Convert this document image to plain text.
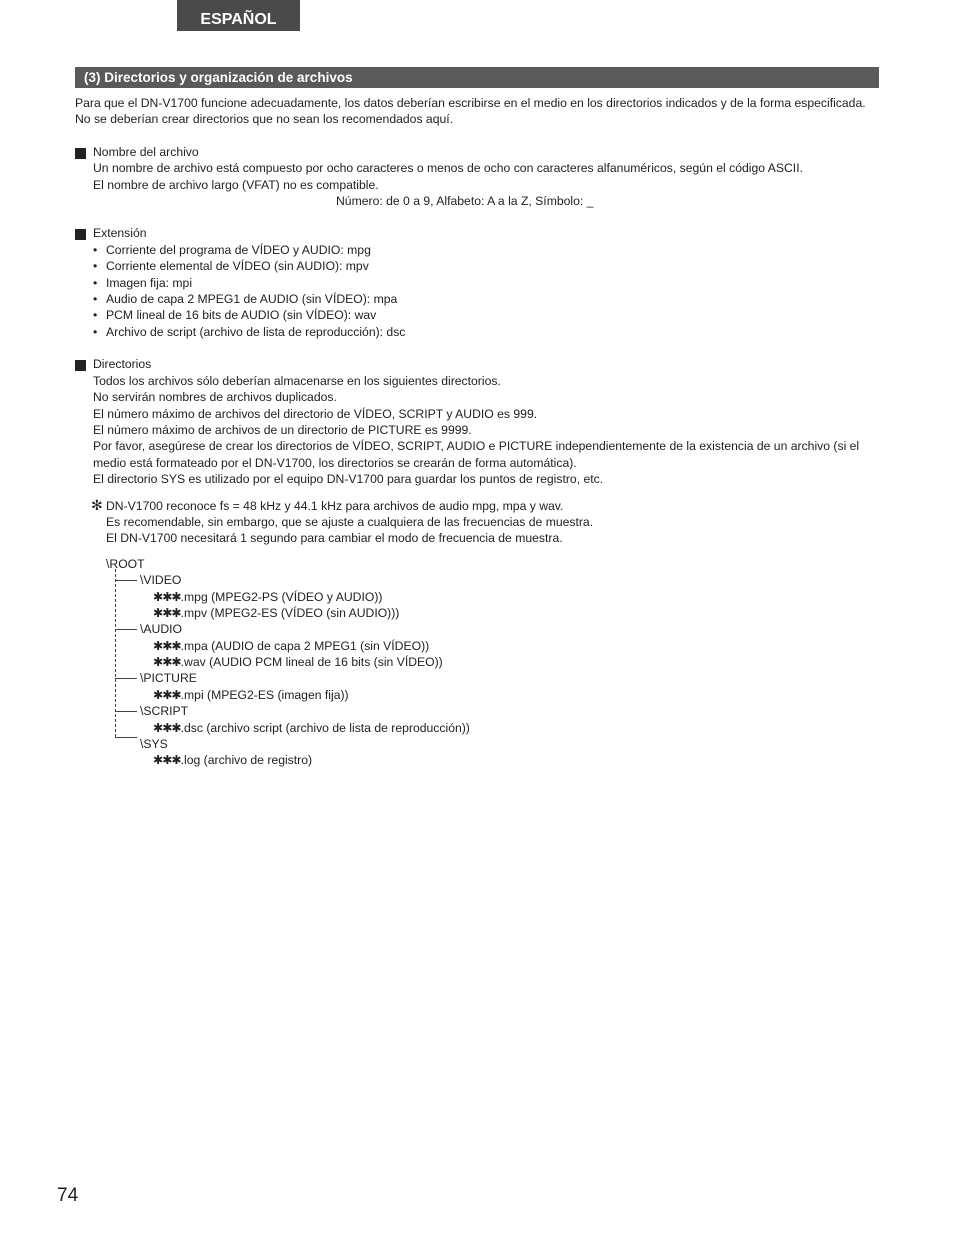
ESPAÑOL
(3) Directorios y organización de archivos
Para que el DN-V1700 funcione adecuadamente, los datos deberían escribirse en el medio en los directorios indicados y de la forma especificada.
No se deberían crear directorios que no sean los recomendados aquí.
Nombre del archivo
Un nombre de archivo está compuesto por ocho caracteres o menos de ocho con caracteres alfanuméricos, según el código ASCII.
El nombre de archivo largo (VFAT) no es compatible.
Número: de 0 a 9, Alfabeto: A a la Z, Símbolo: _
Extensión
• Corriente del programa de VÍDEO y AUDIO: mpg
• Corriente elemental de VÍDEO (sin AUDIO): mpv
• Imagen fija: mpi
• Audio de capa 2 MPEG1 de AUDIO (sin VÍDEO): mpa
• PCM lineal de 16 bits de AUDIO (sin VÍDEO): wav
• Archivo de script (archivo de lista de reproducción): dsc
Directorios
Todos los archivos sólo deberían almacenarse en los siguientes directorios.
No servirán nombres de archivos duplicados.
El número máximo de archivos del directorio de VÍDEO, SCRIPT y AUDIO es 999.
El número máximo de archivos de un directorio de PICTURE es 9999.
Por favor, asegúrese de crear los directorios de VÍDEO, SCRIPT, AUDIO e PICTURE independientemente de la existencia de un archivo (si el medio está formateado por el DN-V1700, los directorios se crearán de forma automática).
El directorio SYS es utilizado por el equipo DN-V1700 para guardar los puntos de registro, etc.
✻ DN-V1700 reconoce fs = 48 kHz y 44.1 kHz para archivos de audio mpg, mpa y wav.
Es recomendable, sin embargo, que se ajuste a cualquiera de las frecuencias de muestra.
El DN-V1700 necesitará 1 segundo para cambiar el modo de frecuencia de muestra.
\ROOT
\VIDEO
✱✱✱.mpg (MPEG2-PS (VÍDEO y AUDIO))
✱✱✱.mpv (MPEG2-ES (VÍDEO (sin AUDIO)))
\AUDIO
✱✱✱.mpa (AUDIO de capa 2 MPEG1 (sin VÍDEO))
✱✱✱.wav (AUDIO PCM lineal de 16 bits (sin VÍDEO))
\PICTURE
✱✱✱.mpi (MPEG2-ES (imagen fija))
\SCRIPT
✱✱✱.dsc (archivo script (archivo de lista de reproducción))
\SYS
✱✱✱.log (archivo de registro)
74
